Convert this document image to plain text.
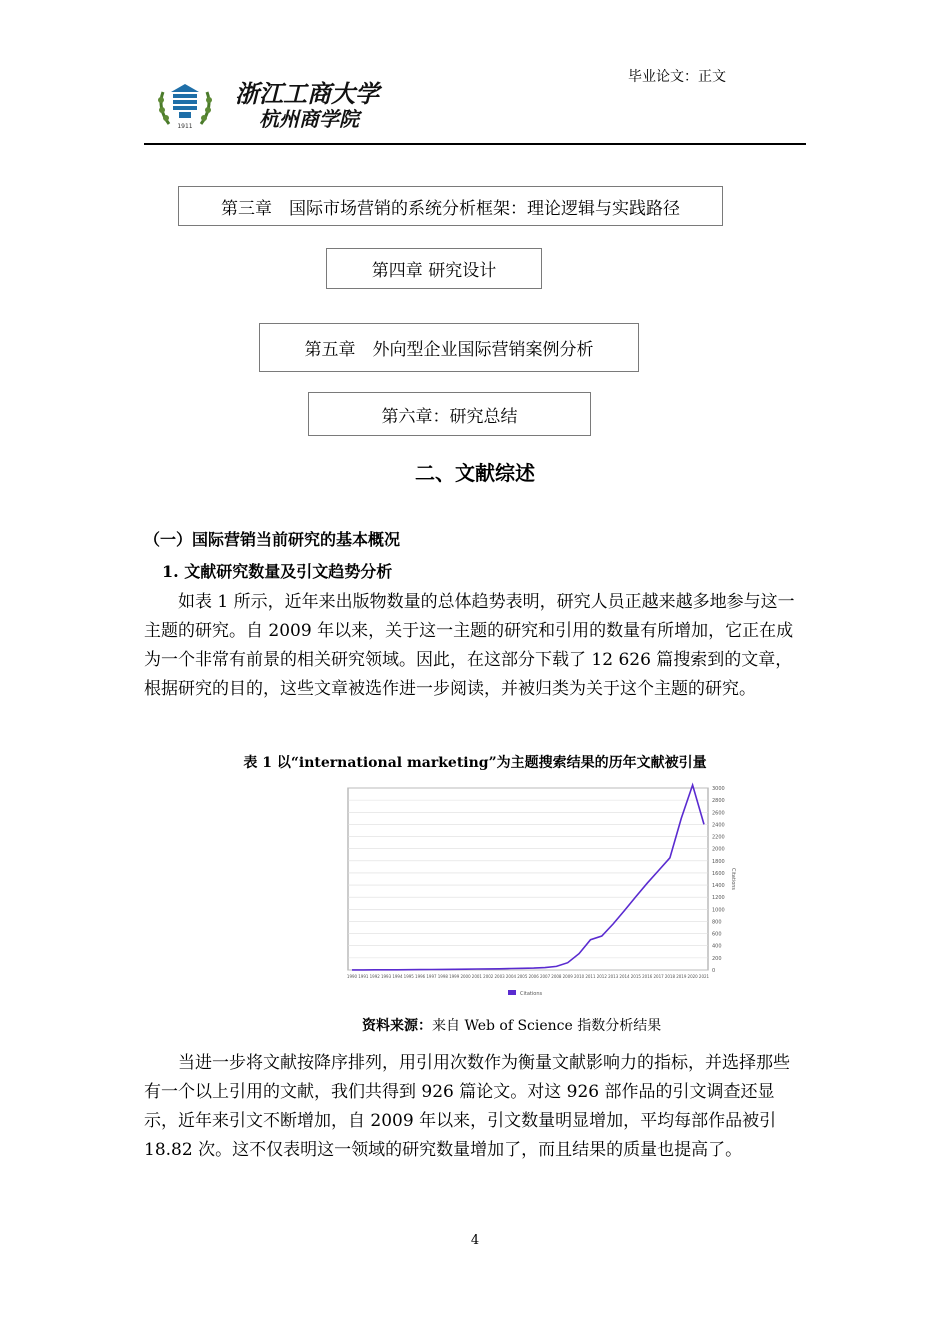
1911
浙江工商大学
杭州商学院
毕业论文：正文
第三章　国际市场营销的系统分析框架：理论逻辑与实践路径
第四章 研究设计
第五章　外向型企业国际营销案例分析
第六章：研究总结
二、文献综述
（一）国际营销当前研究的基本概况
1. 文献研究数量及引文趋势分析

如表 1 所示，近年来出版物数量的总体趋势表明，研究人员正越来越多地参与这一主题的研究。自 2009 年以来，关于这一主题的研究和引用的数量有所增加，它正在成为一个非常有前景的相关研究领域。因此，在这部分下载了 12 626 篇搜索到的文章，根据研究的目的，这些文章被选作进一步阅读，并被归类为关于这个主题的研究。

表 1 以“international marketing”为主题搜索结果的历年文献被引量
0
200
400
600
800
1000
1200
1400
1600
1800
2000
2200
2400
2600
2800
3000
1990 1991 1992 1993 1994 1995 1996 1997 1998 1999 2000 2001 2002 2003 2004 2005 2006 2007 2008 2009 2010 2011 2012 2013 2014 2015 2016 2017 2018 2019 2020 2021
Citations
Citations
资料来源：来自 Web of Science 指数分析结果

当进一步将文献按降序排列，用引用次数作为衡量文献影响力的指标，并选择那些有一个以上引用的文献，我们共得到 926 篇论文。对这 926 部作品的引文调查还显示，近年来引文不断增加，自 2009 年以来，引文数量明显增加，平均每部作品被引 18.82 次。这不仅表明这一领域的研究数量增加了，而且结果的质量也提高了。

4
